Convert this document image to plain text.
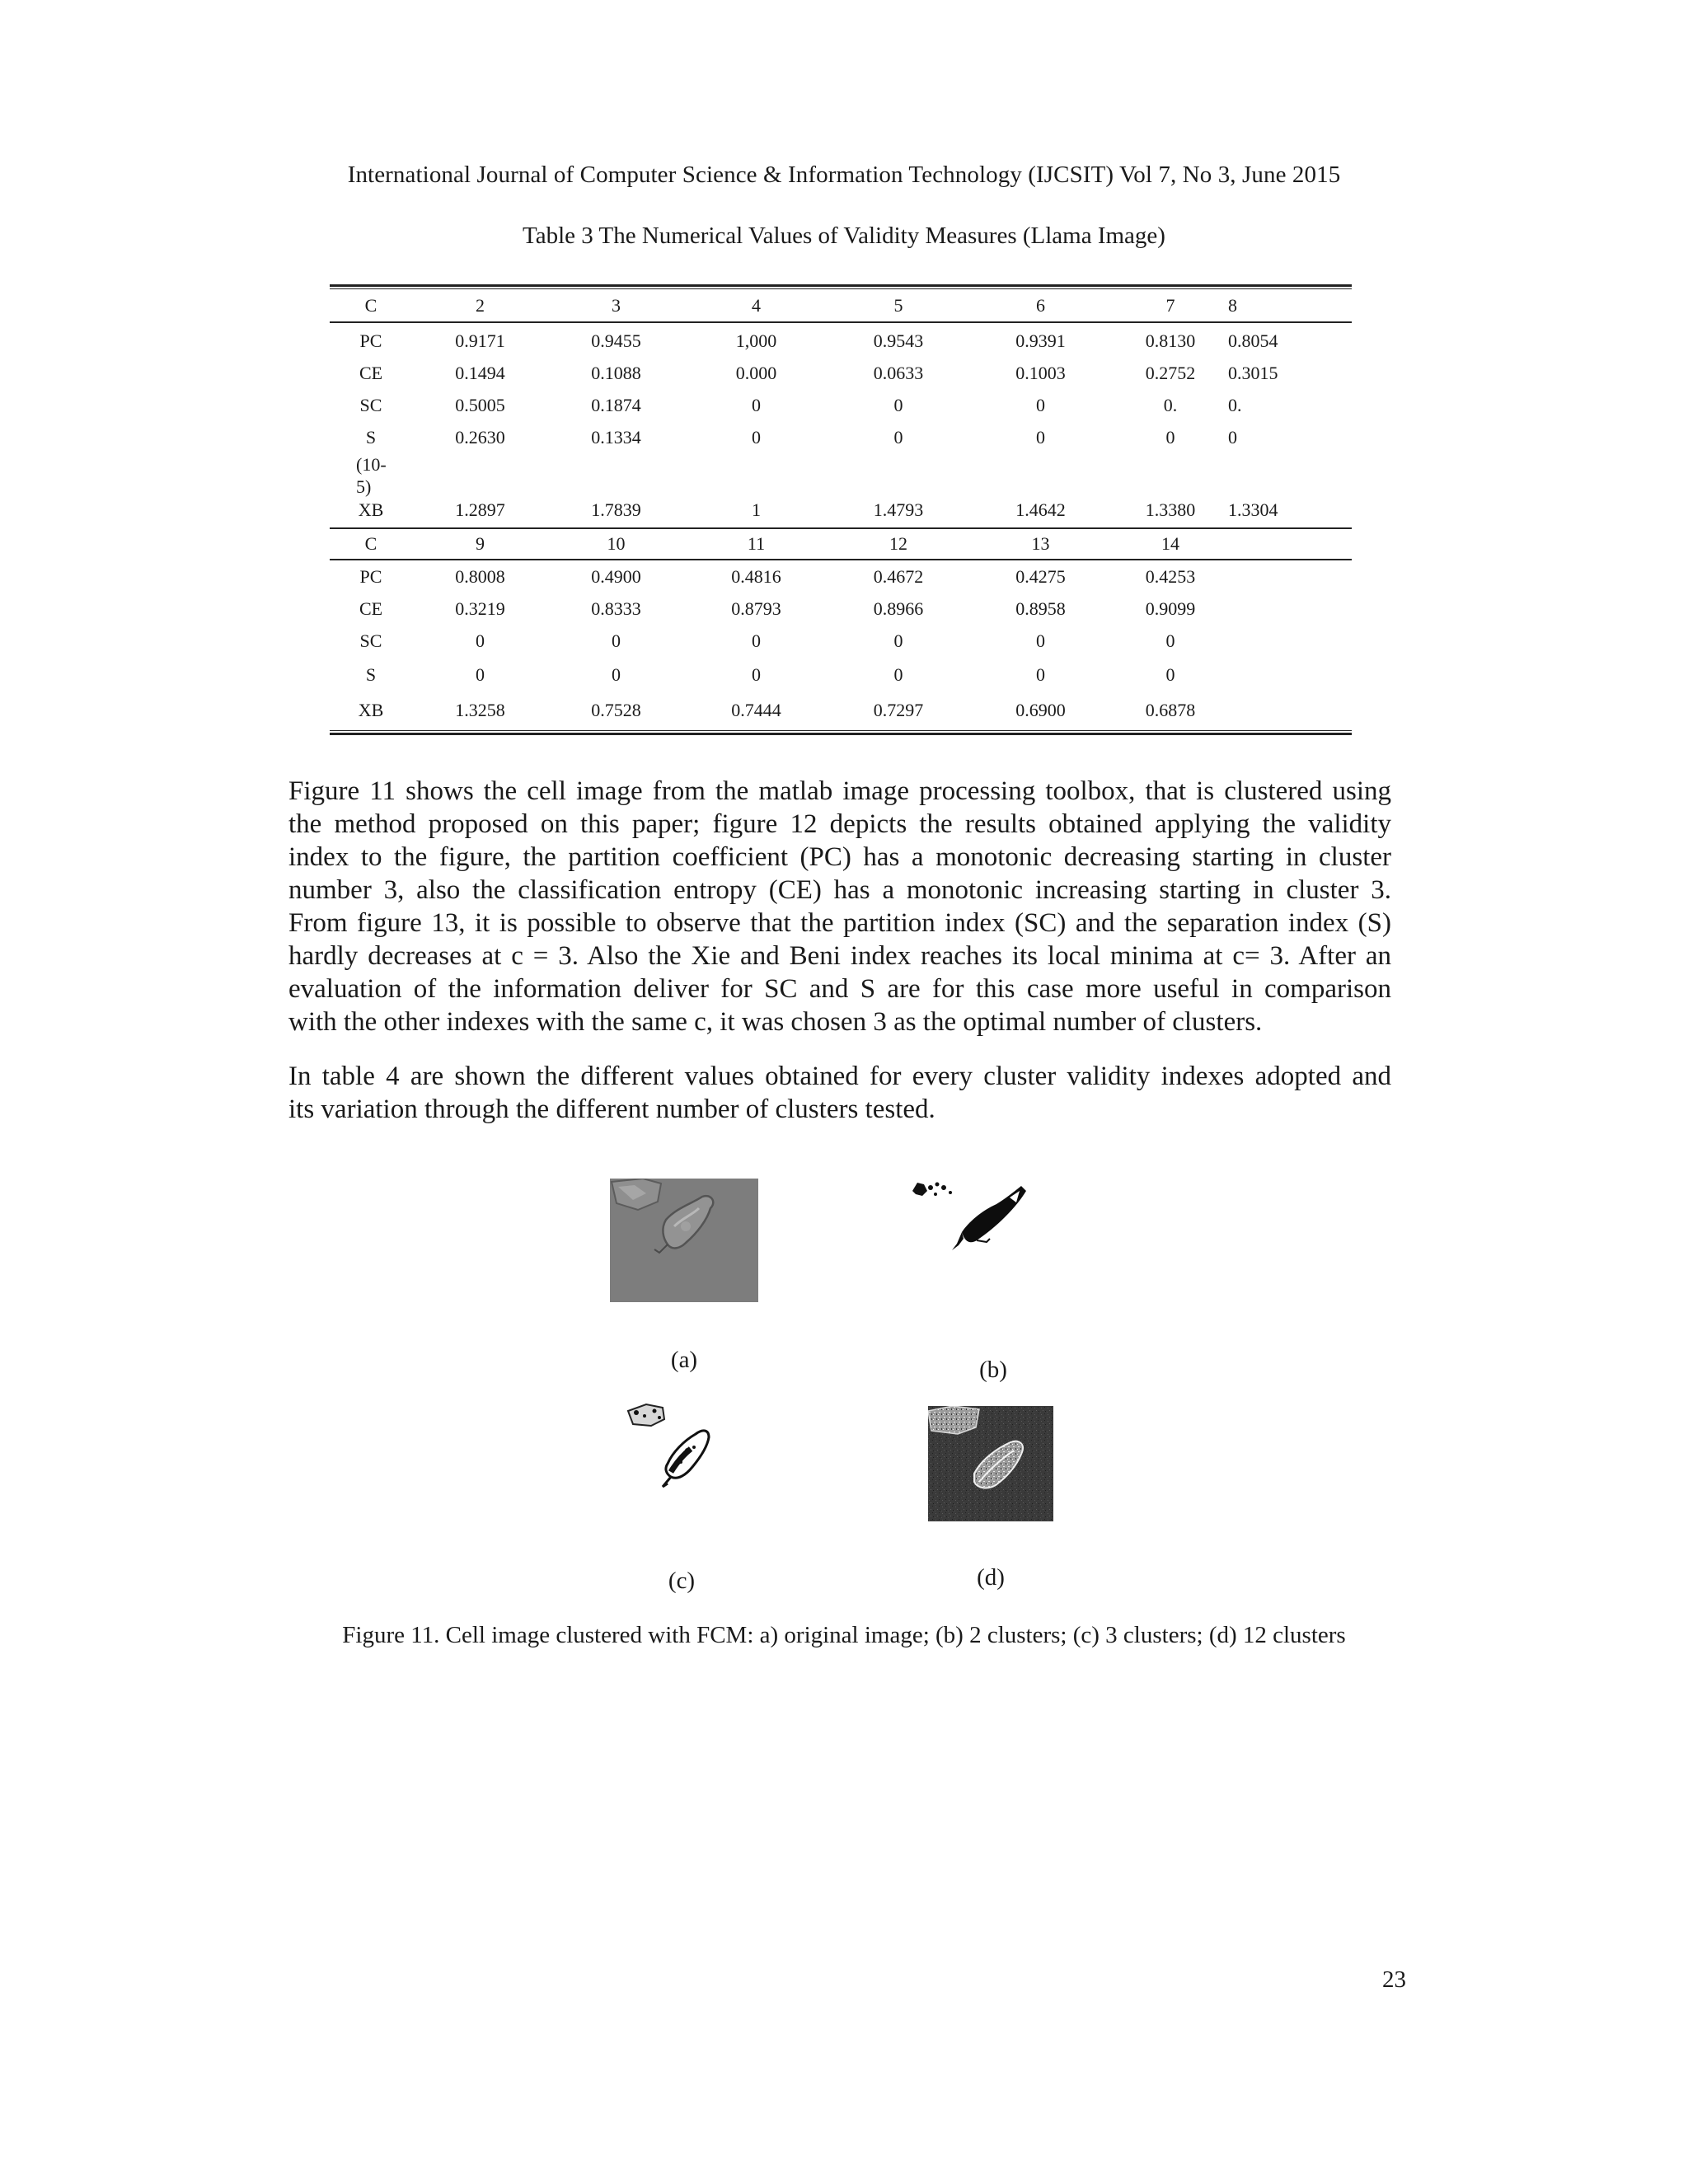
International Journal of Computer Science & Information Technology (IJCSIT) Vol 7, No 3, June 2015
Table 3 The Numerical Values of Validity Measures (Llama Image)
C	2	3	4	5	6	7	8
PC	0.9171	0.9455	1,000	0.9543	0.9391	0.8130	0.8054
CE	0.1494	0.1088	0.000	0.0633	0.1003	0.2752	0.3015
SC	0.5005	0.1874	0	0	0	0.	0.
S	0.2630	0.1334	0	0	0	0	0
(10-							
5)							
XB	1.2897	1.7839	1	1.4793	1.4642	1.3380	1.3304
C	9	10	11	12	13	14	
PC	0.8008	0.4900	0.4816	0.4672	0.4275	0.4253	
CE	0.3219	0.8333	0.8793	0.8966	0.8958	0.9099	
SC	0	0	0	0	0	0	
S	0	0	0	0	0	0	
XB	1.3258	0.7528	0.7444	0.7297	0.6900	0.6878	
Figure 11 shows the cell image from the matlab image processing toolbox, that is clustered using
the method proposed on this paper; figure 12 depicts the results obtained applying the validity
index to the figure, the partition coefficient (PC) has a monotonic decreasing starting in cluster
number 3, also the classification entropy (CE) has a monotonic increasing starting in cluster 3.
From figure 13, it is possible to observe that the partition index (SC) and the separation index (S)
hardly decreases at c = 3. Also the Xie and Beni index reaches its local minima at c= 3. After an
evaluation of the information deliver for SC and S are for this case more useful in comparison
with the other indexes with the same c, it was chosen 3 as the optimal number of clusters.
In table 4 are shown the different values obtained for every cluster validity indexes adopted and
its variation through the different number of clusters tested.
(a)	(b)
(c)	(d)
Figure 11. Cell image clustered with FCM: a) original image; (b) 2 clusters; (c) 3 clusters; (d) 12 clusters
23
